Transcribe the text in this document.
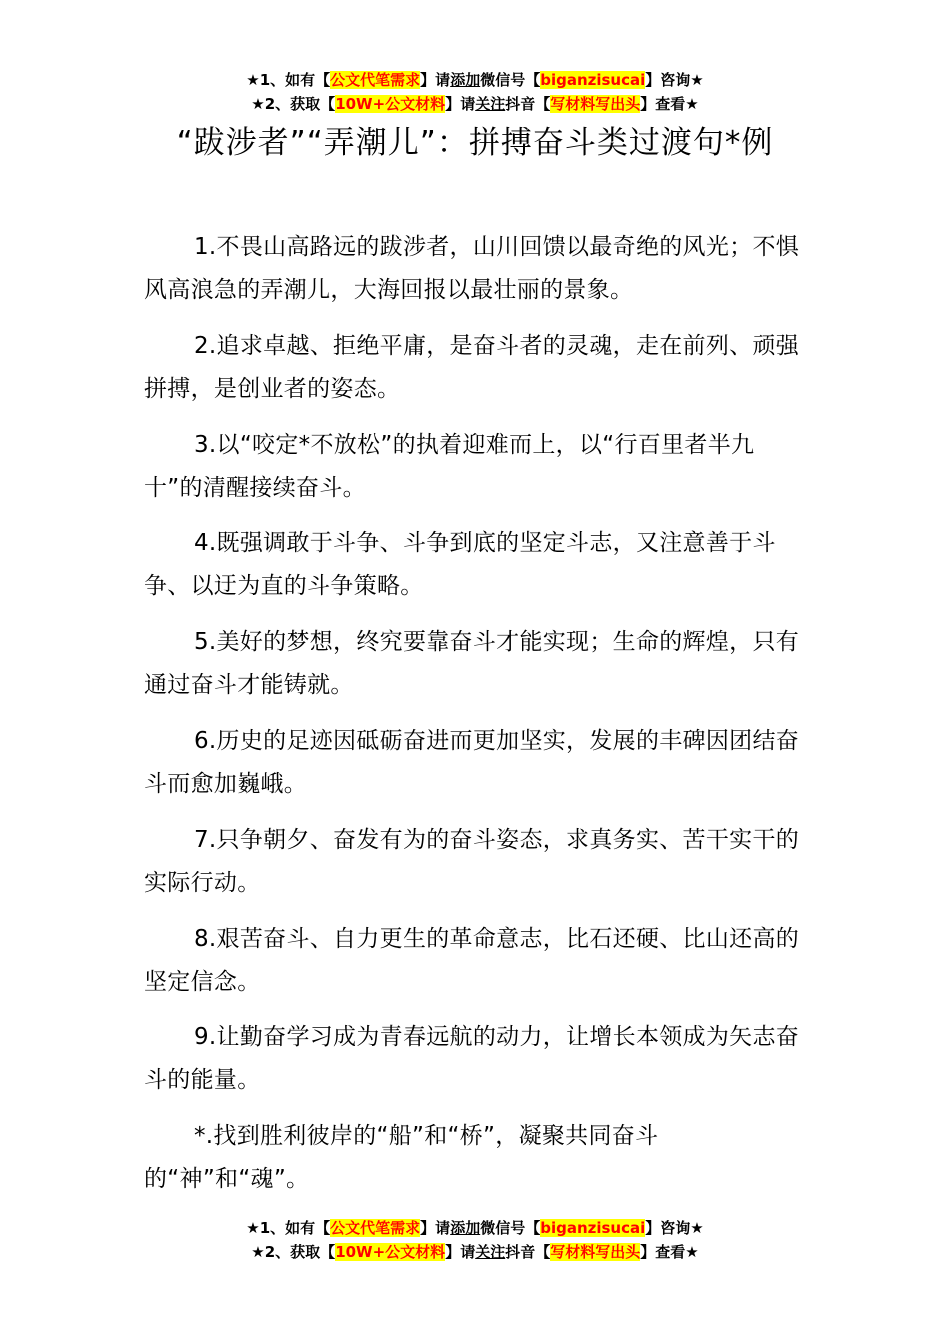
★1、如有【公文代笔需求】请添加微信号【biganzisucai】咨询★
★2、获取【10W+公文材料】请关注抖音【写材料写出头】查看★
“跋涉者”“弄潮儿”：拼搏奋斗类过渡句*例

1.不畏山高路远的跋涉者，山川回馈以最奇绝的风光；不惧风高浪急的弄潮儿，大海回报以最壮丽的景象。

2.追求卓越、拒绝平庸，是奋斗者的灵魂，走在前列、顽强拼搏，是创业者的姿态。

3.以“咬定*不放松”的执着迎难而上，以“行百里者半九十”的清醒接续奋斗。

4.既强调敢于斗争、斗争到底的坚定斗志，又注意善于斗争、以迂为直的斗争策略。

5.美好的梦想，终究要靠奋斗才能实现；生命的辉煌，只有通过奋斗才能铸就。

6.历史的足迹因砥砺奋进而更加坚实，发展的丰碑因团结奋斗而愈加巍峨。

7.只争朝夕、奋发有为的奋斗姿态，求真务实、苦干实干的实际行动。

8.艰苦奋斗、自力更生的革命意志，比石还硬、比山还高的坚定信念。

9.让勤奋学习成为青春远航的动力，让增长本领成为矢志奋斗的能量。

*.找到胜利彼岸的“船”和“桥”，凝聚共同奋斗的“神”和“魂”。

★1、如有【公文代笔需求】请添加微信号【biganzisucai】咨询★
★2、获取【10W+公文材料】请关注抖音【写材料写出头】查看★
